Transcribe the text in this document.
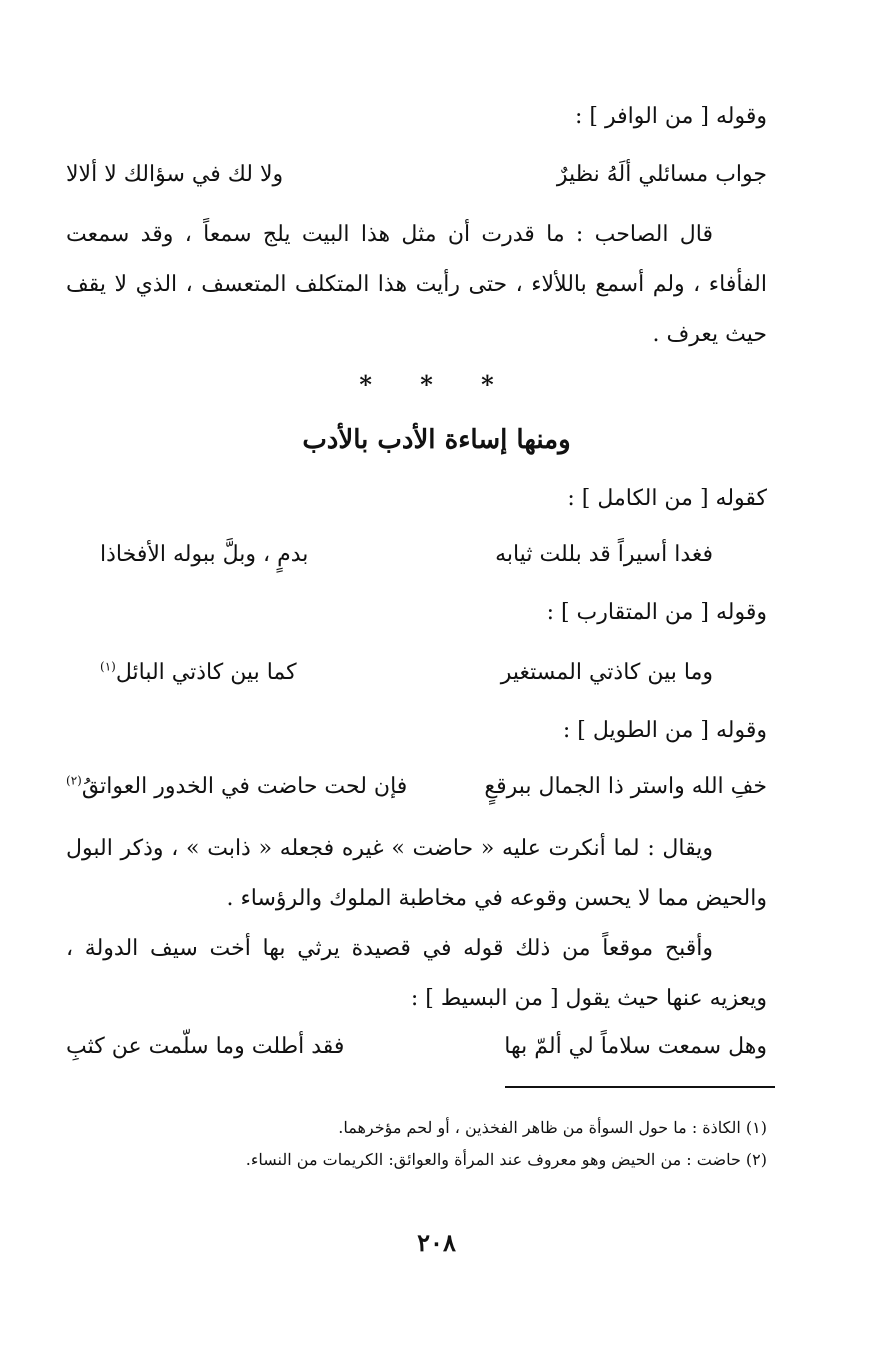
وقوله [ من الوافر ] :
جواب مسائلي ألَهُ نظيرٌ
ولا لك في سؤالك لا ألالا
قال الصاحب : ما قدرت أن مثل هذا البيت يلج سمعاً ، وقد سمعت الفأفاء ، ولم أسمع باللألاء ، حتى رأيت هذا المتكلف المتعسف ، الذي لا يقف حيث يعرف .
* * *
ومنها إساءة الأدب بالأدب
كقوله [ من الكامل ] :
فغدا أسيراً قد بللت ثيابه
بدمٍ ، وبلَّ ببوله الأفخاذا
وقوله [ من المتقارب ] :
وما بين كاذتي المستغير
كما بين كاذتي البائل$^{(١)}$
وقوله [ من الطويل ] :
خفِ الله واستر ذا الجمال ببرقعٍ
فإن لحت حاضت في الخدور العواتقُ$^{(٢)}$
ويقال : لما أنكرت عليه « حاضت » غيره فجعله « ذابت » ، وذكر البول والحيض مما لا يحسن وقوعه في مخاطبة الملوك والرؤساء .
وأقبح موقعاً من ذلك قوله في قصيدة يرثي بها أخت سيف الدولة ، ويعزيه عنها حيث يقول [ من البسيط ] :
وهل سمعت سلاماً لي ألمّ بها
فقد أطلت وما سلّمت عن كثبِ
(١) الكاذة : ما حول السوأة من ظاهر الفخذين ، أو لحم مؤخرهما.
(٢) حاضت : من الحيض وهو معروف عند المرأة والعوائق: الكريمات من النساء.
٢٠٨
